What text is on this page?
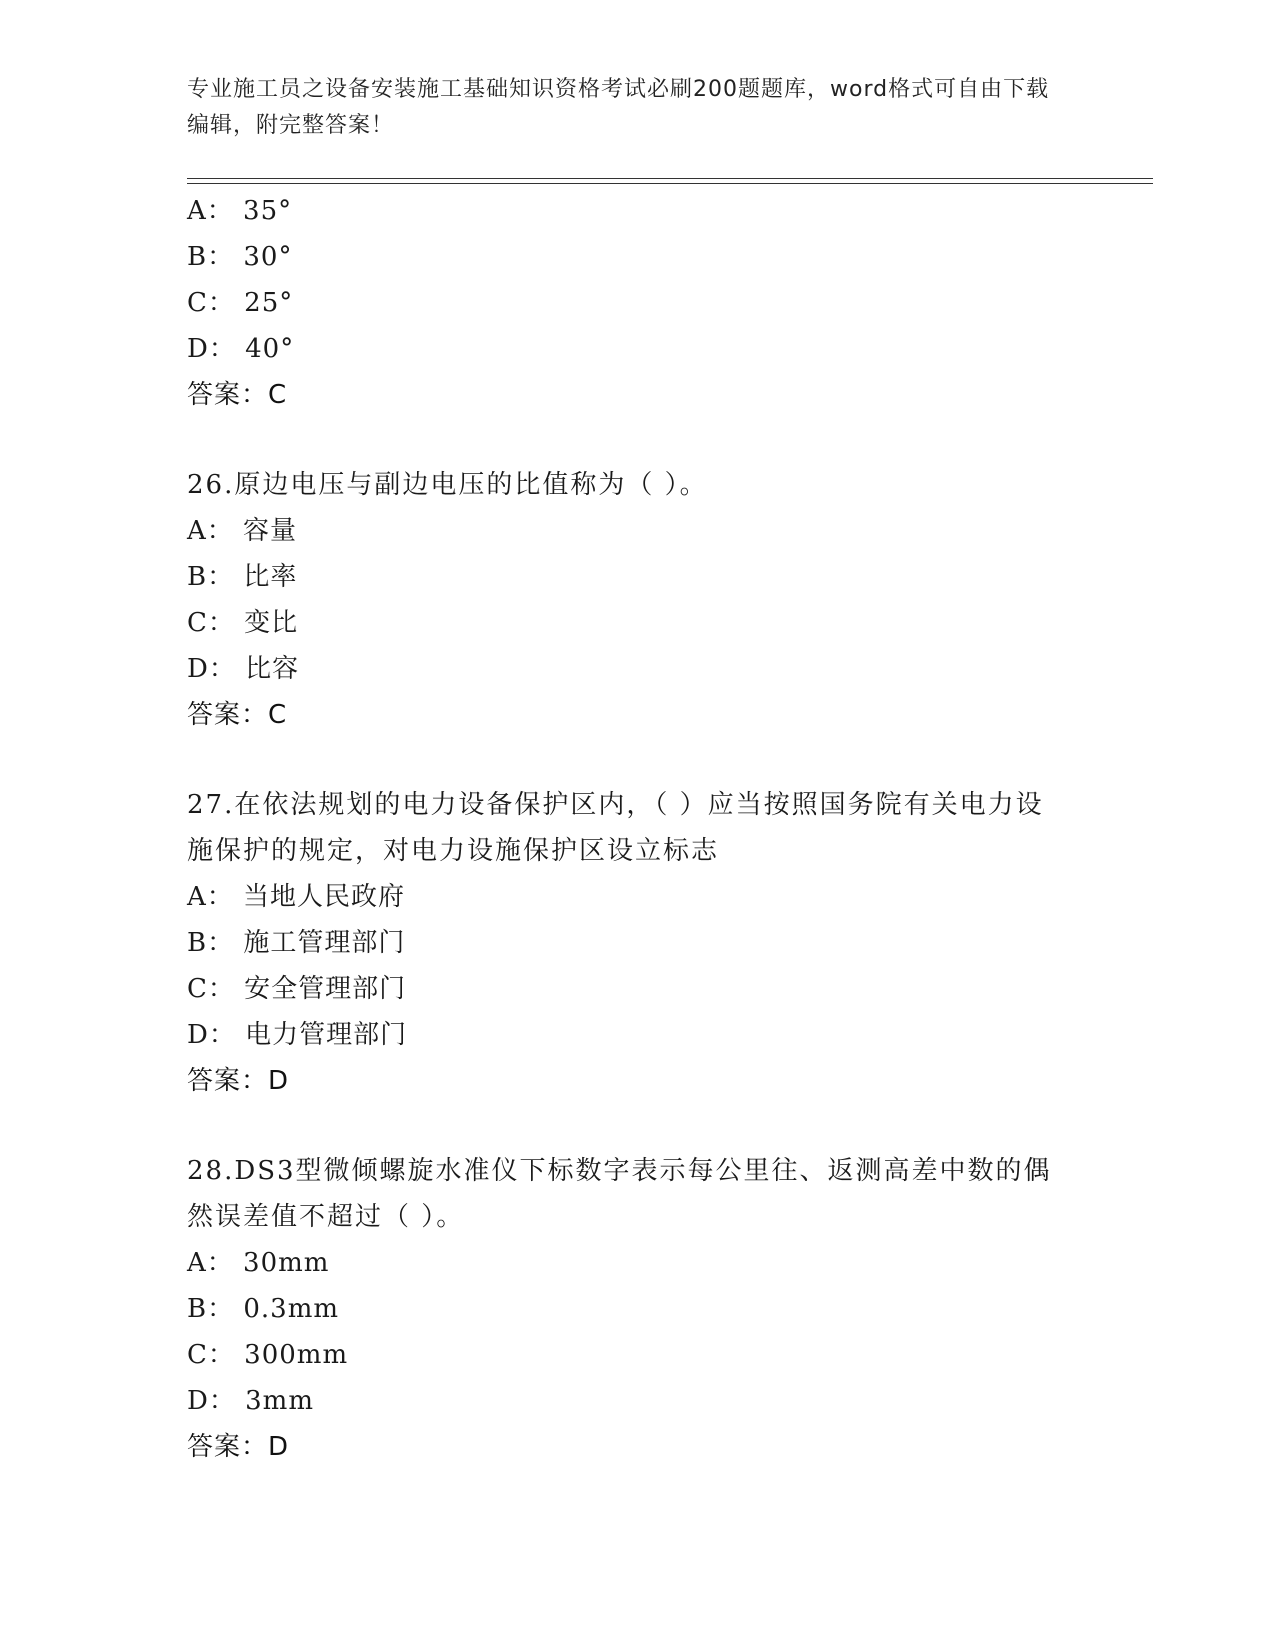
专业施工员之设备安装施工基础知识资格考试必刷200题题库，word格式可自由下载编辑，附完整答案！
A： 35°
B： 30°
C： 25°
D： 40°
答案：C
26.原边电压与副边电压的比值称为（ ）。
A： 容量
B： 比率
C： 变比
D： 比容
答案：C
27.在依法规划的电力设备保护区内，（ ）应当按照国务院有关电力设施保护的规定，对电力设施保护区设立标志
A： 当地人民政府
B： 施工管理部门
C： 安全管理部门
D： 电力管理部门
答案：D
28.DS3型微倾螺旋水准仪下标数字表示每公里往、返测高差中数的偶然误差值不超过（ ）。
A： 30mm
B： 0.3mm
C： 300mm
D： 3mm
答案：D
